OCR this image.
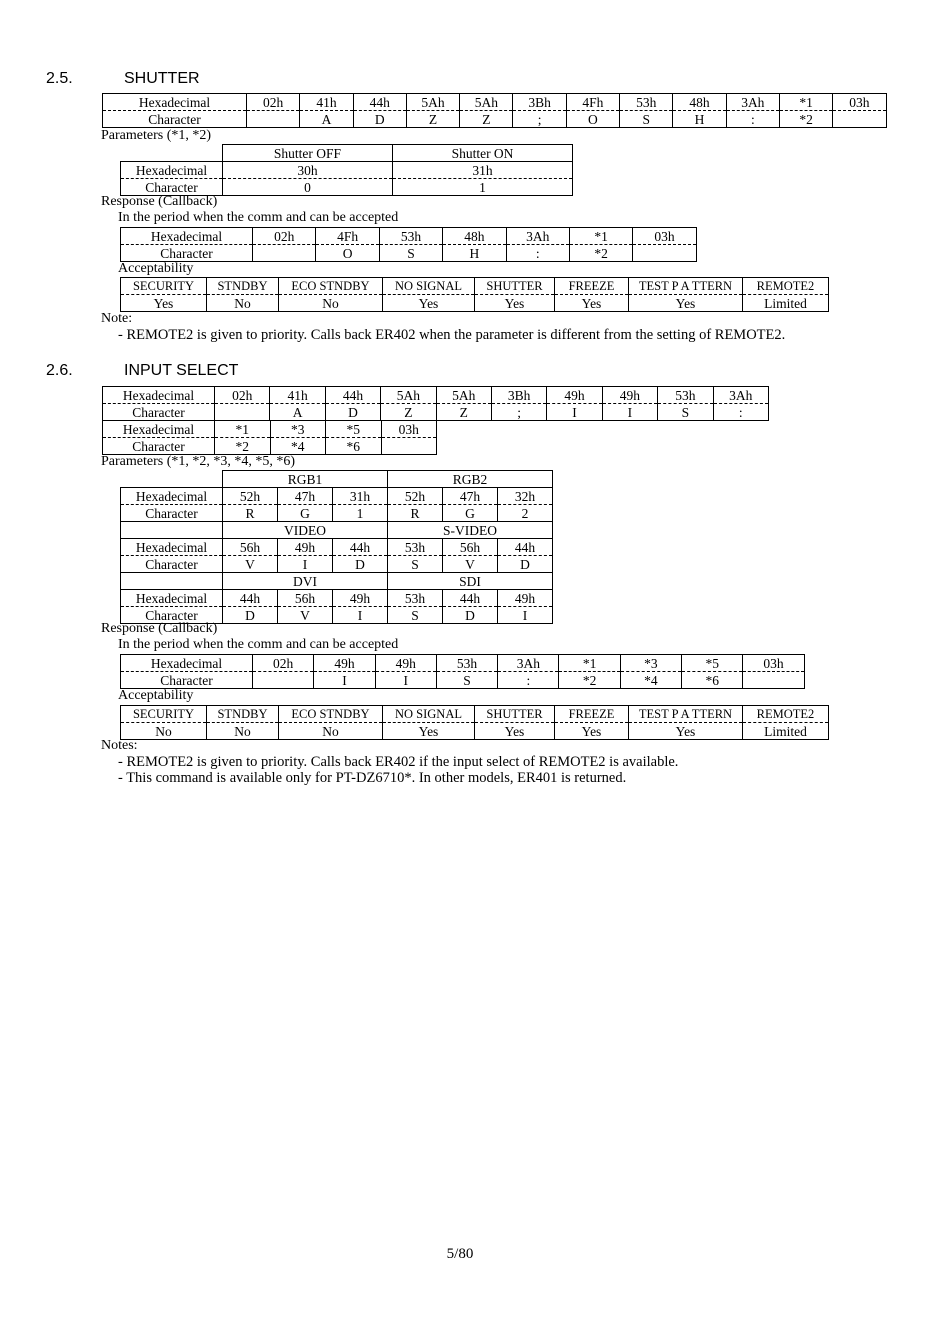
2.5.	SHUTTER
Hexadecimal	02h	41h	44h	5Ah	5Ah	3Bh	4Fh	53h	48h	3Ah	*1	03h
Character		A	D	Z	Z	;	O	S	H	:	*2	
Parameters (*1, *2)
	Shutter OFF	Shutter ON
Hexadecimal	30h	31h
Character	0	1
Response (Callback)
In the period when the comm and can be accepted
Hexadecimal	02h	4Fh	53h	48h	3Ah	*1	03h
Character		O	S	H	:	*2	
Acceptability
SECURITY	STNDBY	ECO STNDBY	NO SIGNAL	SHUTTER	FREEZE	TEST P A TTERN	REMOTE2
Yes	No	No	Yes	Yes	Yes	Yes	Limited
Note:
- REMOTE2 is given to priority. Calls back ER402 when the parameter is different from the setting of REMOTE2.
2.6.	INPUT SELECT
Hexadecimal	02h	41h	44h	5Ah	5Ah	3Bh	49h	49h	53h	3Ah
Character		A	D	Z	Z	;	I	I	S	:
Hexadecimal	*1	*3	*5	03h
Character	*2	*4	*6	
Parameters (*1, *2, *3, *4, *5, *6)
	RGB1			RGB2		
Hexadecimal	52h	47h	31h	52h	47h	32h
Character	R	G	1	R	G	2
	VIDEO			S-VIDEO		
Hexadecimal	56h	49h	44h	53h	56h	44h
Character	V	I	D	S	V	D
	DVI			SDI		
Hexadecimal	44h	56h	49h	53h	44h	49h
Character	D	V	I	S	D	I
Response (Callback)
In the period when the comm and can be accepted
Hexadecimal	02h	49h	49h	53h	3Ah	*1	*3	*5	03h
Character		I	I	S	:	*2	*4	*6	
Acceptability
SECURITY	STNDBY	ECO STNDBY	NO SIGNAL	SHUTTER	FREEZE	TEST P A TTERN	REMOTE2
No	No	No	Yes	Yes	Yes	Yes	Limited
Notes:
- REMOTE2 is given to priority. Calls back ER402 if the input select of REMOTE2 is available.
- This command is available only for PT-DZ6710*. In other models, ER401 is returned.
5/80
